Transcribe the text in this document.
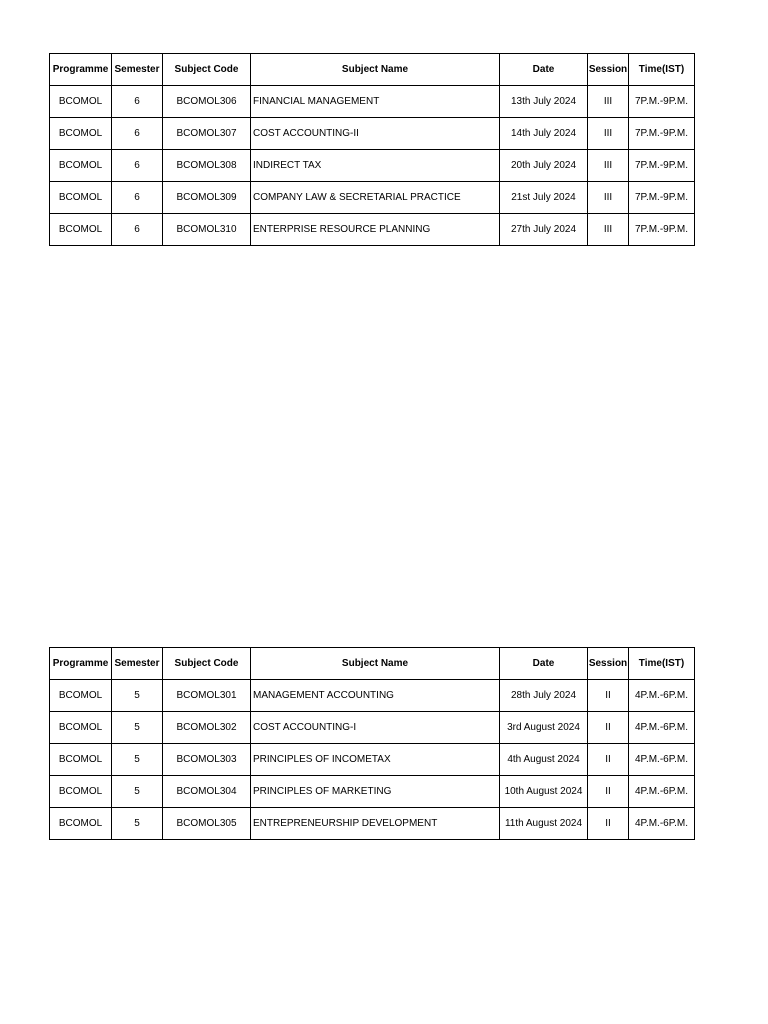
Programme	Semester	Subject Code	Subject Name	Date	Session	Time(IST)
BCOMOL	6	BCOMOL306	FINANCIAL MANAGEMENT	13th July 2024	III	7P.M.-9P.M.
BCOMOL	6	BCOMOL307	COST ACCOUNTING-II	14th July 2024	III	7P.M.-9P.M.
BCOMOL	6	BCOMOL308	INDIRECT TAX	20th July 2024	III	7P.M.-9P.M.
BCOMOL	6	BCOMOL309	COMPANY LAW & SECRETARIAL PRACTICE	21st July 2024	III	7P.M.-9P.M.
BCOMOL	6	BCOMOL310	ENTERPRISE RESOURCE PLANNING	27th July 2024	III	7P.M.-9P.M.
Programme	Semester	Subject Code	Subject Name	Date	Session	Time(IST)
BCOMOL	5	BCOMOL301	MANAGEMENT ACCOUNTING	28th July 2024	II	4P.M.-6P.M.
BCOMOL	5	BCOMOL302	COST ACCOUNTING-I	3rd August 2024	II	4P.M.-6P.M.
BCOMOL	5	BCOMOL303	PRINCIPLES OF INCOMETAX	4th August 2024	II	4P.M.-6P.M.
BCOMOL	5	BCOMOL304	PRINCIPLES OF MARKETING	10th August 2024	II	4P.M.-6P.M.
BCOMOL	5	BCOMOL305	ENTREPRENEURSHIP DEVELOPMENT	11th August 2024	II	4P.M.-6P.M.
